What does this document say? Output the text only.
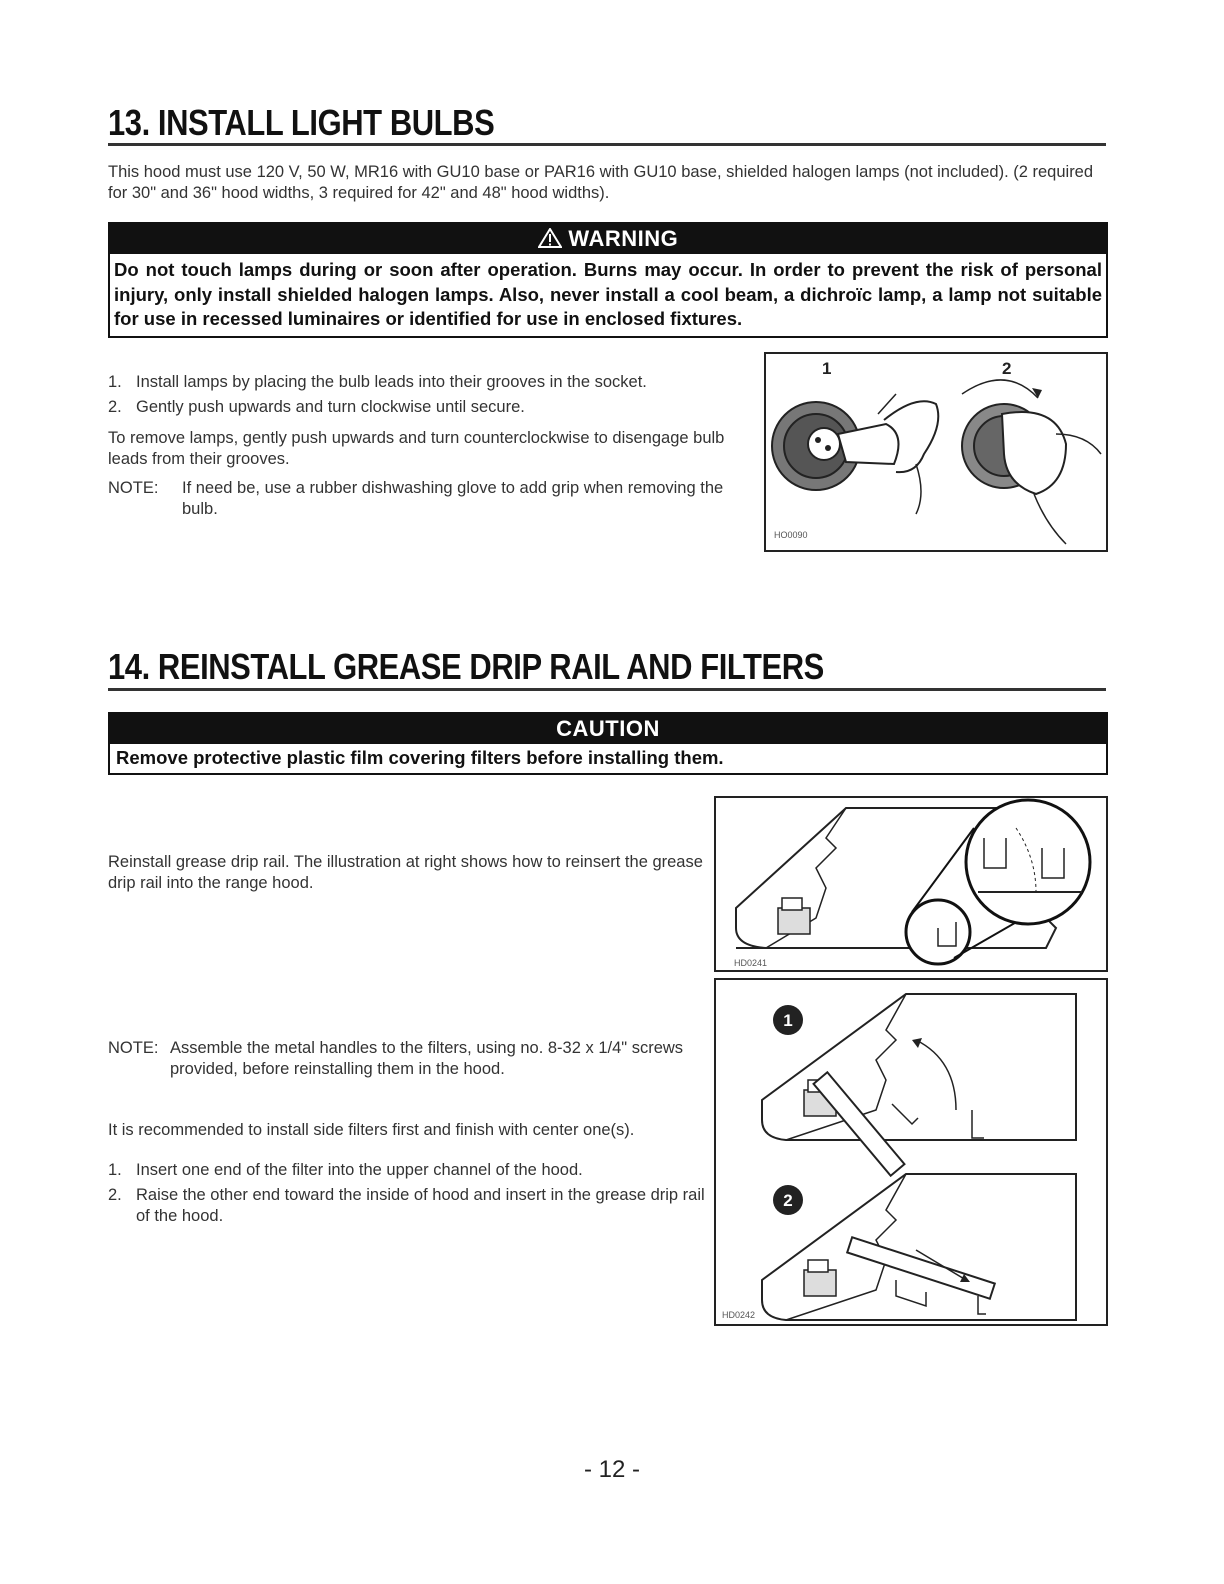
13. INSTALL LIGHT BULBS

This hood must use 120 V, 50 W, MR16 with GU10 base or PAR16 with GU10 base, shielded halogen lamps (not included). (2 required for 30" and 36" hood widths, 3 required for 42" and 48" hood widths).

WARNING
Do not touch lamps during or soon after operation. Burns may occur. In order to prevent the risk of personal injury, only install shielded halogen lamps. Also, never install a cool beam, a dichroïc lamp, a lamp not suitable for use in recessed luminaires or identified for use in enclosed fixtures.
1. Install lamps by placing the bulb leads into their grooves in the socket.
2. Gently push upwards and turn clockwise until secure.

To remove lamps, gently push upwards and turn counterclockwise to disengage bulb leads from their grooves.

NOTE:	If need be, use a rubber dishwashing glove to add grip when removing the bulb.
1	2
HO0090
14. REINSTALL GREASE DRIP RAIL AND FILTERS
CAUTION
Remove protective plastic film covering filters before installing them.

Reinstall grease drip rail. The illustration at right shows how to reinsert the grease drip rail into the range hood.

NOTE: Assemble the metal handles to the filters, using no. 8-32 x 1/4" screws provided, before reinstalling them in the hood.

It is recommended to install side filters first and finish with center one(s).

1. Insert one end of the filter into the upper channel of the hood.
2. Raise the other end toward the inside of hood and insert in the grease drip rail of the hood.
HD0241
1
2
HD0242
- 12 -
